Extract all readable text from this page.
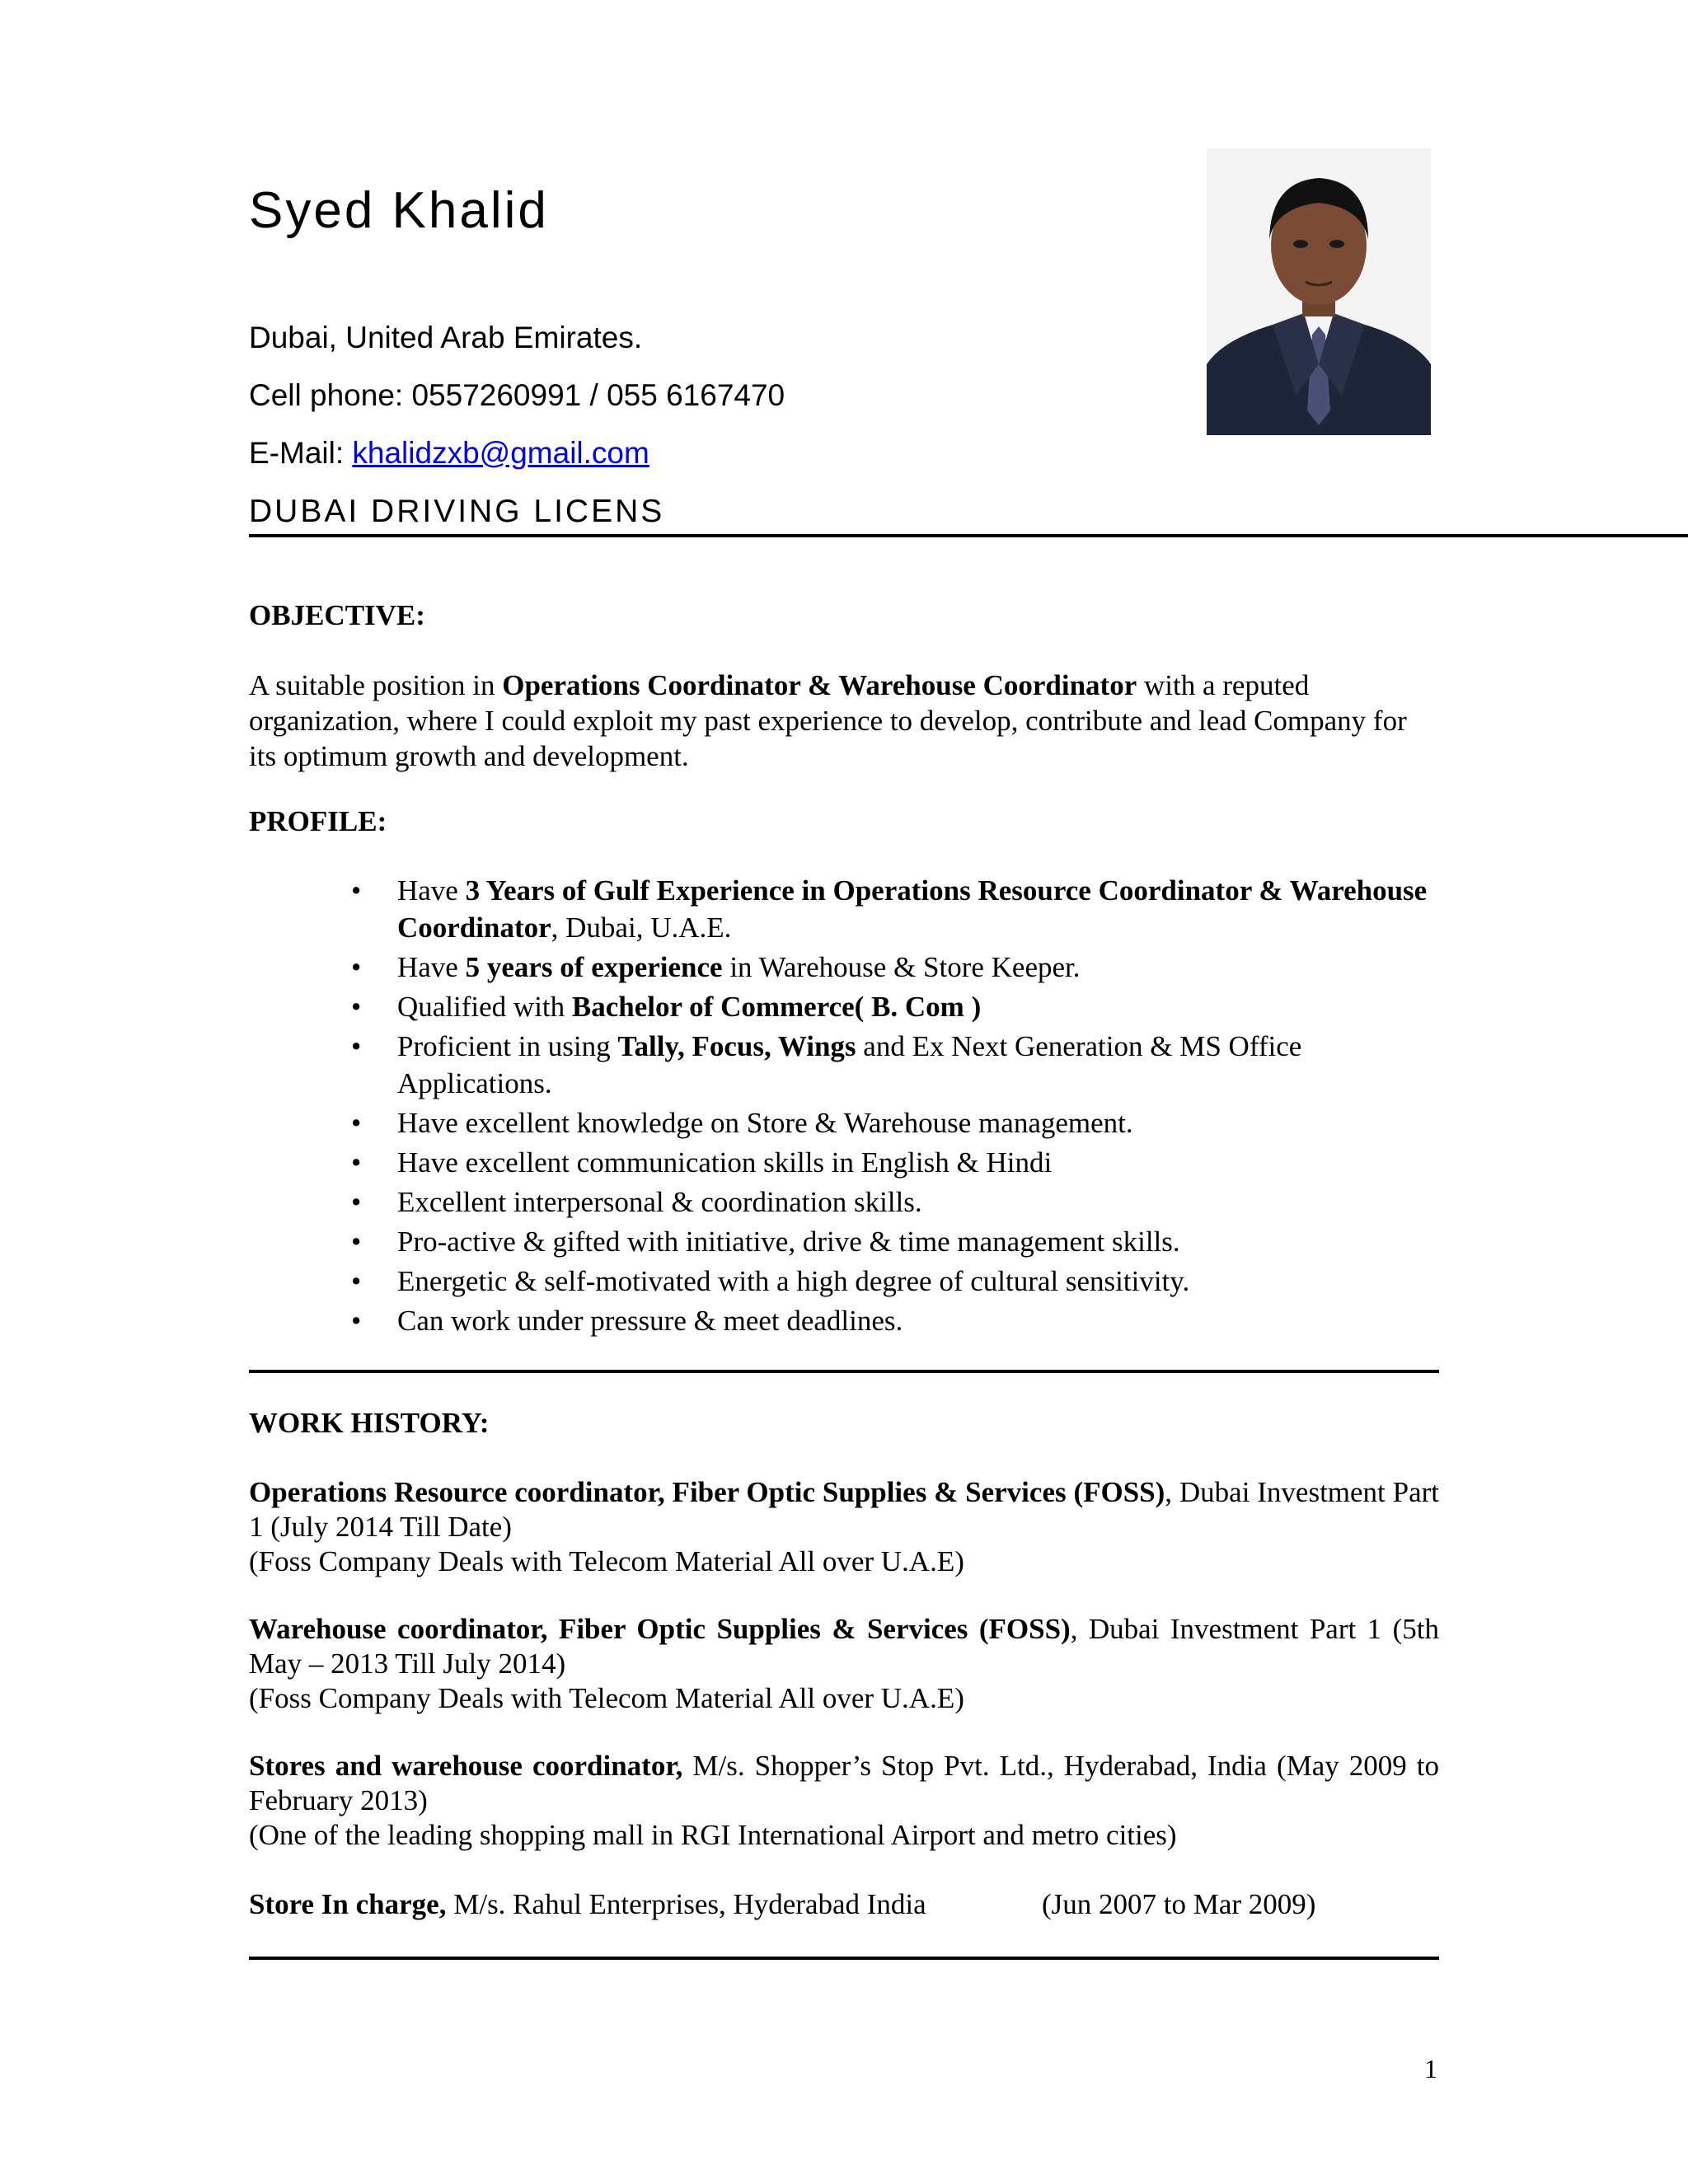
Syed Khalid
Dubai, United Arab Emirates.
Cell phone: 0557260991 / 055 6167470
E-Mail: khalidzxb@gmail.com
DUBAI DRIVING LICENS
OBJECTIVE:
A suitable position in Operations Coordinator & Warehouse Coordinator with a reputed organization, where I could exploit my past experience to develop, contribute and lead Company for its optimum growth and development.
PROFILE:
• Have 3 Years of Gulf Experience in Operations Resource Coordinator & Warehouse Coordinator, Dubai, U.A.E.
• Have 5 years of experience in Warehouse & Store Keeper.
• Qualified with Bachelor of Commerce( B. Com )
• Proficient in using Tally, Focus, Wings and Ex Next Generation & MS Office Applications.
• Have excellent knowledge on Store & Warehouse management.
• Have excellent communication skills in English & Hindi
• Excellent interpersonal & coordination skills.
• Pro-active & gifted with initiative, drive & time management skills.
• Energetic & self-motivated with a high degree of cultural sensitivity.
• Can work under pressure & meet deadlines.
WORK HISTORY:
Operations Resource coordinator, Fiber Optic Supplies & Services (FOSS), Dubai Investment Part 1 (July 2014 Till Date)
(Foss Company Deals with Telecom Material All over U.A.E)
Warehouse coordinator, Fiber Optic Supplies & Services (FOSS), Dubai Investment Part 1 (5th May – 2013 Till July 2014)
(Foss Company Deals with Telecom Material All over U.A.E)
Stores and warehouse coordinator, M/s. Shopper’s Stop Pvt. Ltd., Hyderabad, India (May 2009 to February 2013)
(One of the leading shopping mall in RGI International Airport and metro cities)
Store In charge, M/s. Rahul Enterprises, Hyderabad India	(Jun 2007 to Mar 2009)
1
